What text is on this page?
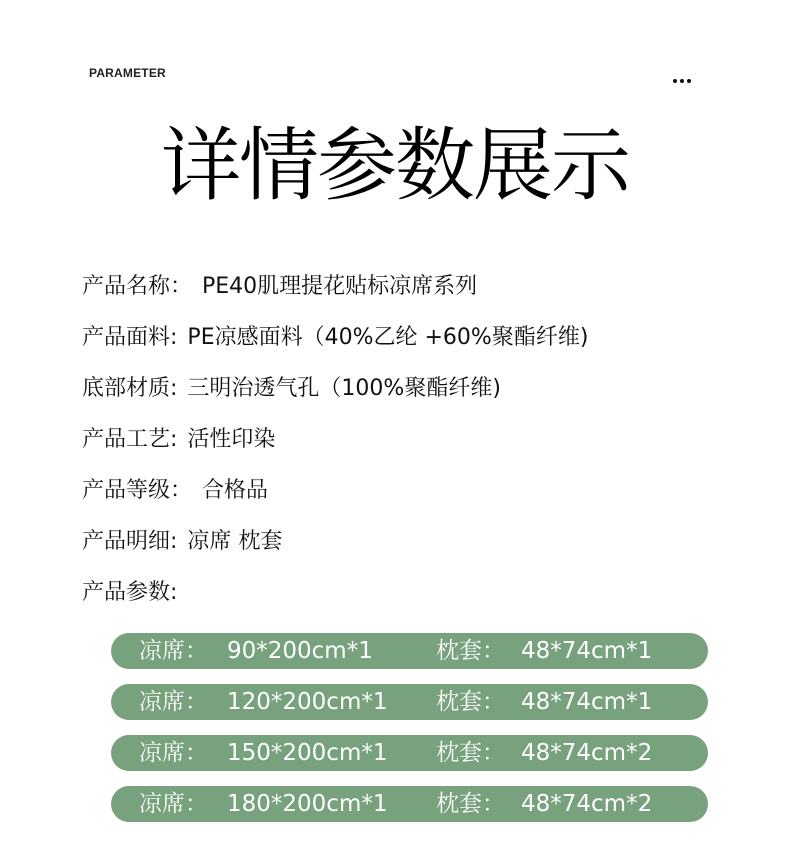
PARAMETER
详情参数展示
产品名称： PE40肌理提花贴标凉席系列
产品面料: PE凉感面料（40%乙纶 +60%聚酯纤维)
底部材质: 三明治透气孔（100%聚酯纤维)
产品工艺: 活性印染
产品等级： 合格品
产品明细: 凉席 枕套
产品参数:
凉席： 90*200cm*1	枕套： 48*74cm*1
凉席： 120*200cm*1 枕套： 48*74cm*1
凉席： 150*200cm*1 枕套： 48*74cm*2
凉席： 180*200cm*1 枕套： 48*74cm*2
